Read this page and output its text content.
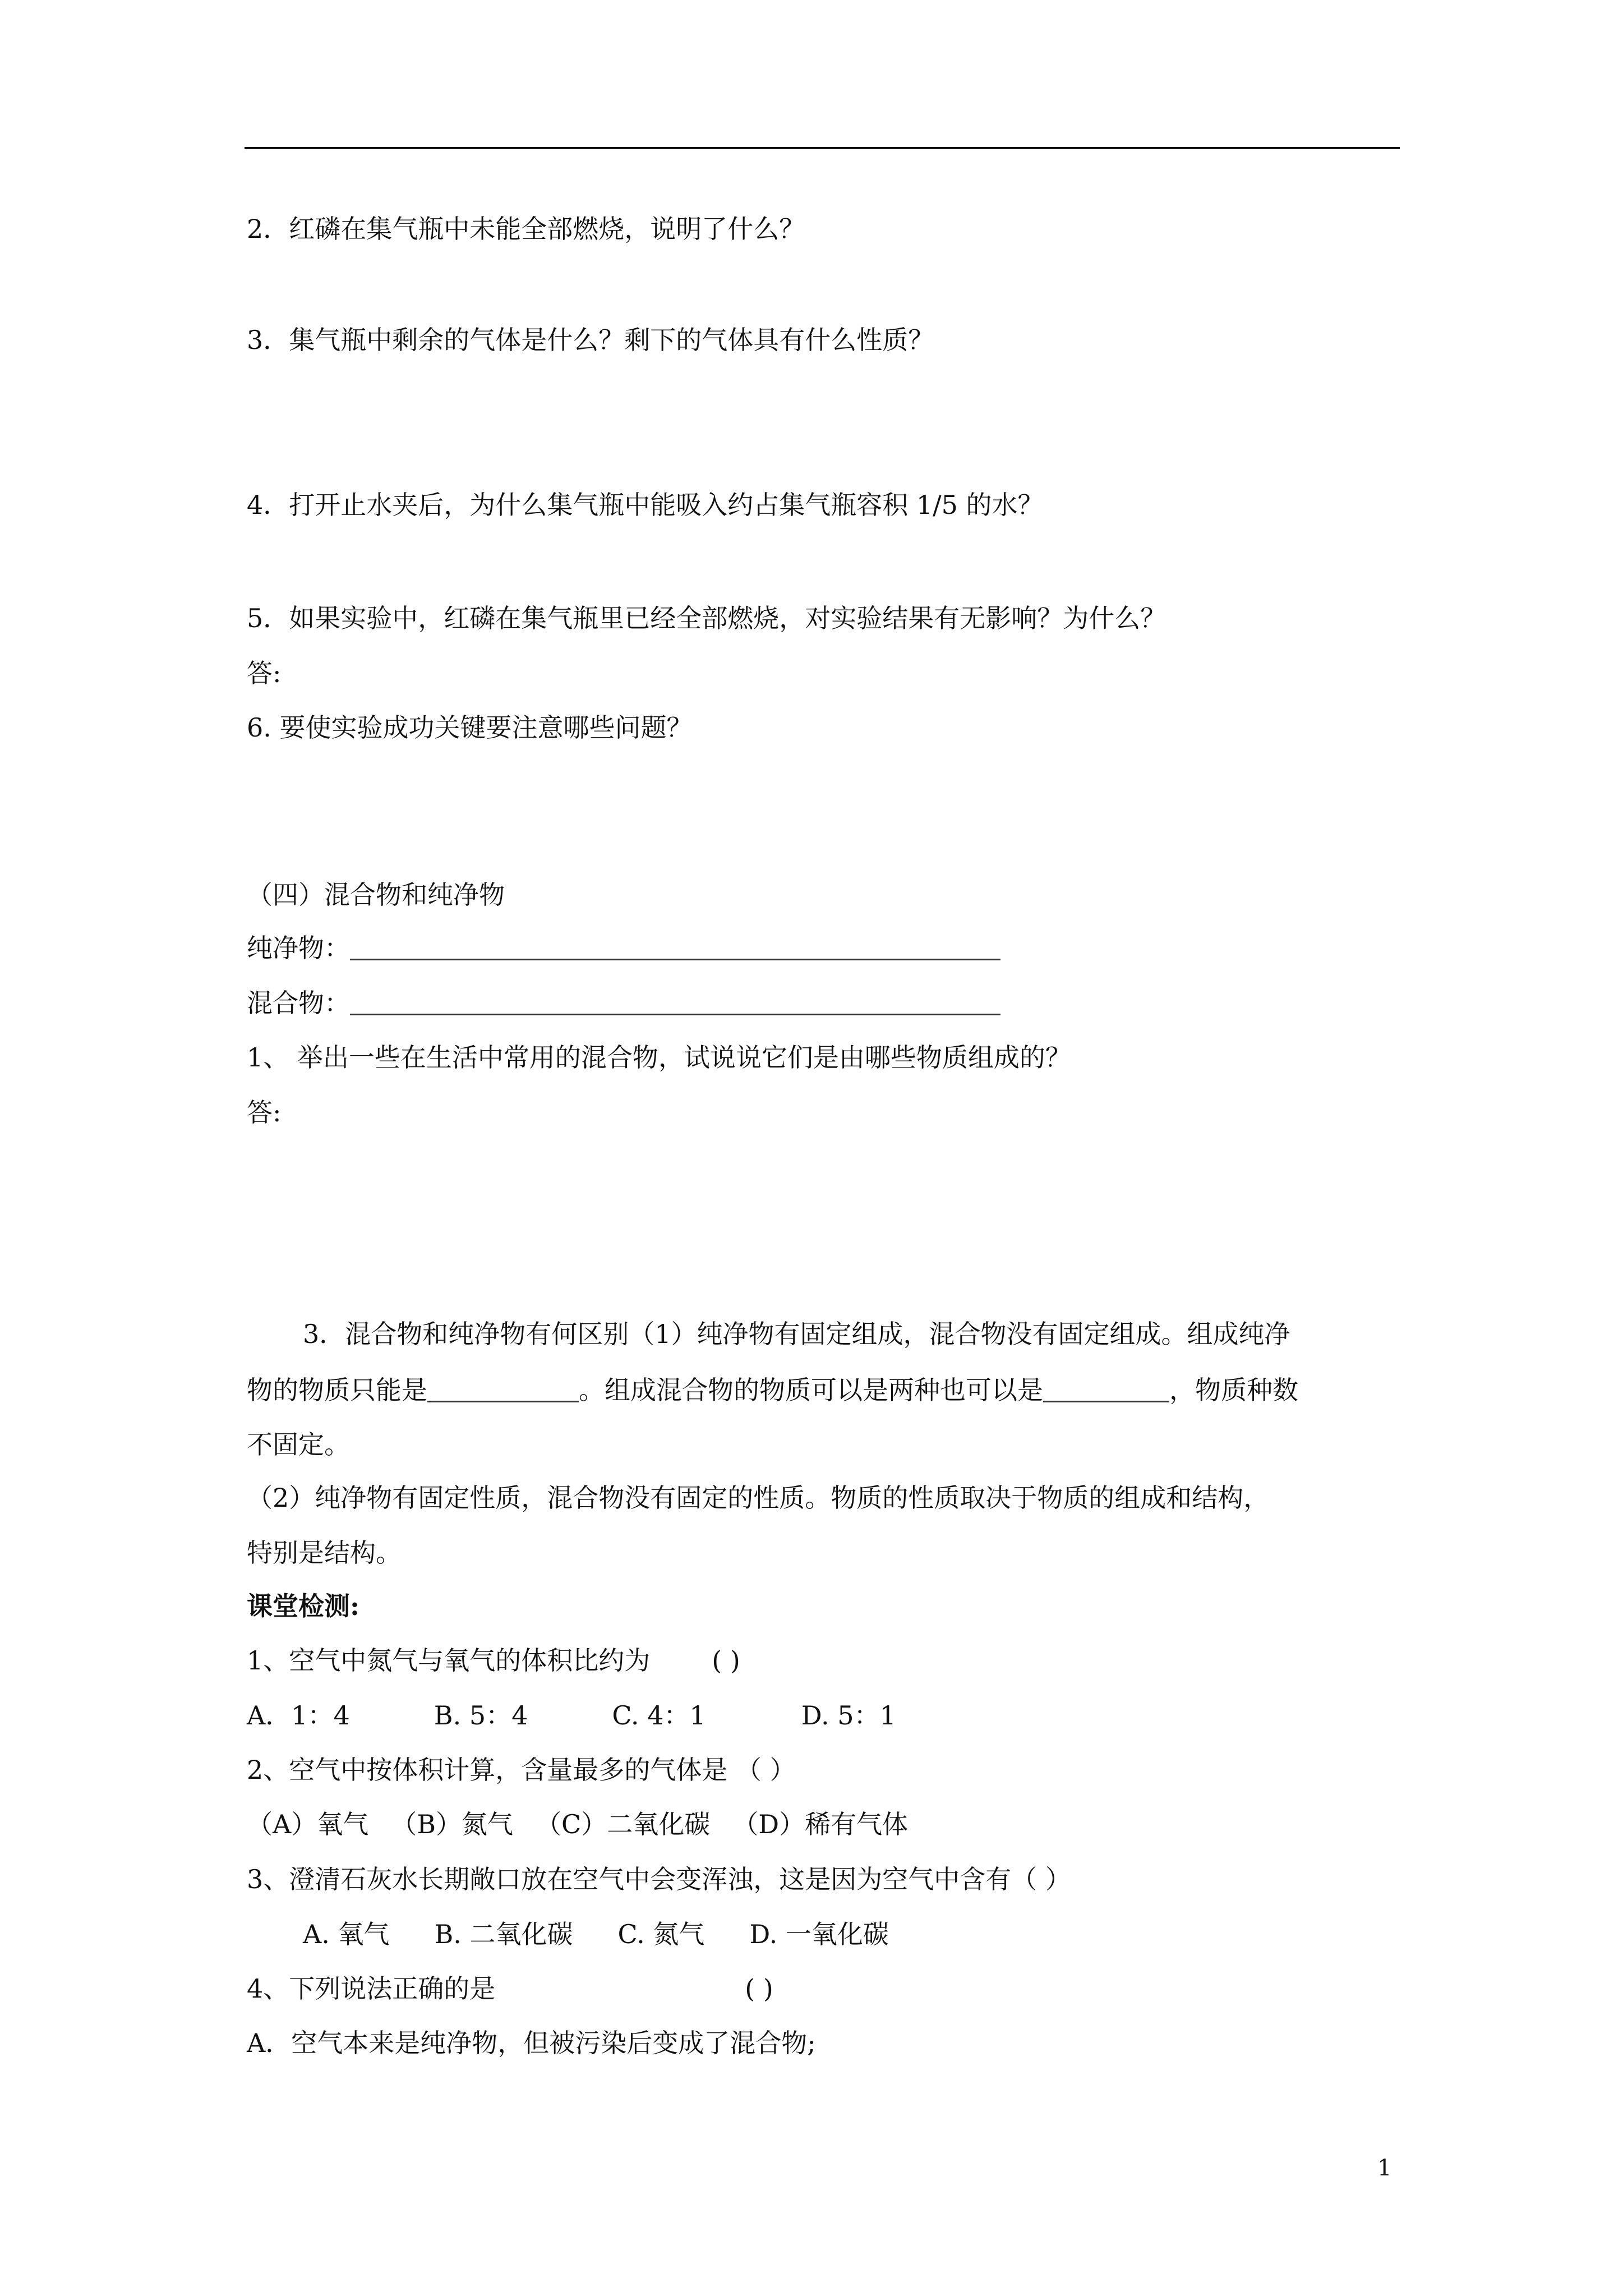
2．红磷在集气瓶中未能全部燃烧，说明了什么？
3．集气瓶中剩余的气体是什么？剩下的气体具有什么性质？
4．打开止水夹后，为什么集气瓶中能吸入约占集气瓶容积 1/5 的水？
5．如果实验中，红磷在集气瓶里已经全部燃烧，对实验结果有无影响？为什么？
答:
6. 要使实验成功关键要注意哪些问题？
（四）混合物和纯净物
纯净物：
混合物：
1、 举出一些在生活中常用的混合物，试说说它们是由哪些物质组成的？
答:
3．混合物和纯净物有何区别（1）纯净物有固定组成，混合物没有固定组成。组成纯净
物的物质只能是	。组成混合物的物质可以是两种也可以是	，物质种数
不固定。
（2）纯净物有固定性质，混合物没有固定的性质。物质的性质取决于物质的组成和结构，
特别是结构。
课堂检测:
1、空气中氮气与氧气的体积比约为 ( )
A．1：4	B. 5：4	C. 4：1	D. 5：1
2、空气中按体积计算，含量最多的气体是 （ ）
（A）氧气 （B）氮气 （C）二氧化碳 （D）稀有气体
3、澄清石灰水长期敞口放在空气中会变浑浊，这是因为空气中含有（ ）
A. 氧气 B. 二氧化碳 C. 氮气 D. 一氧化碳
4、下列说法正确的是	( )
A．空气本来是纯净物，但被污染后变成了混合物;
1
